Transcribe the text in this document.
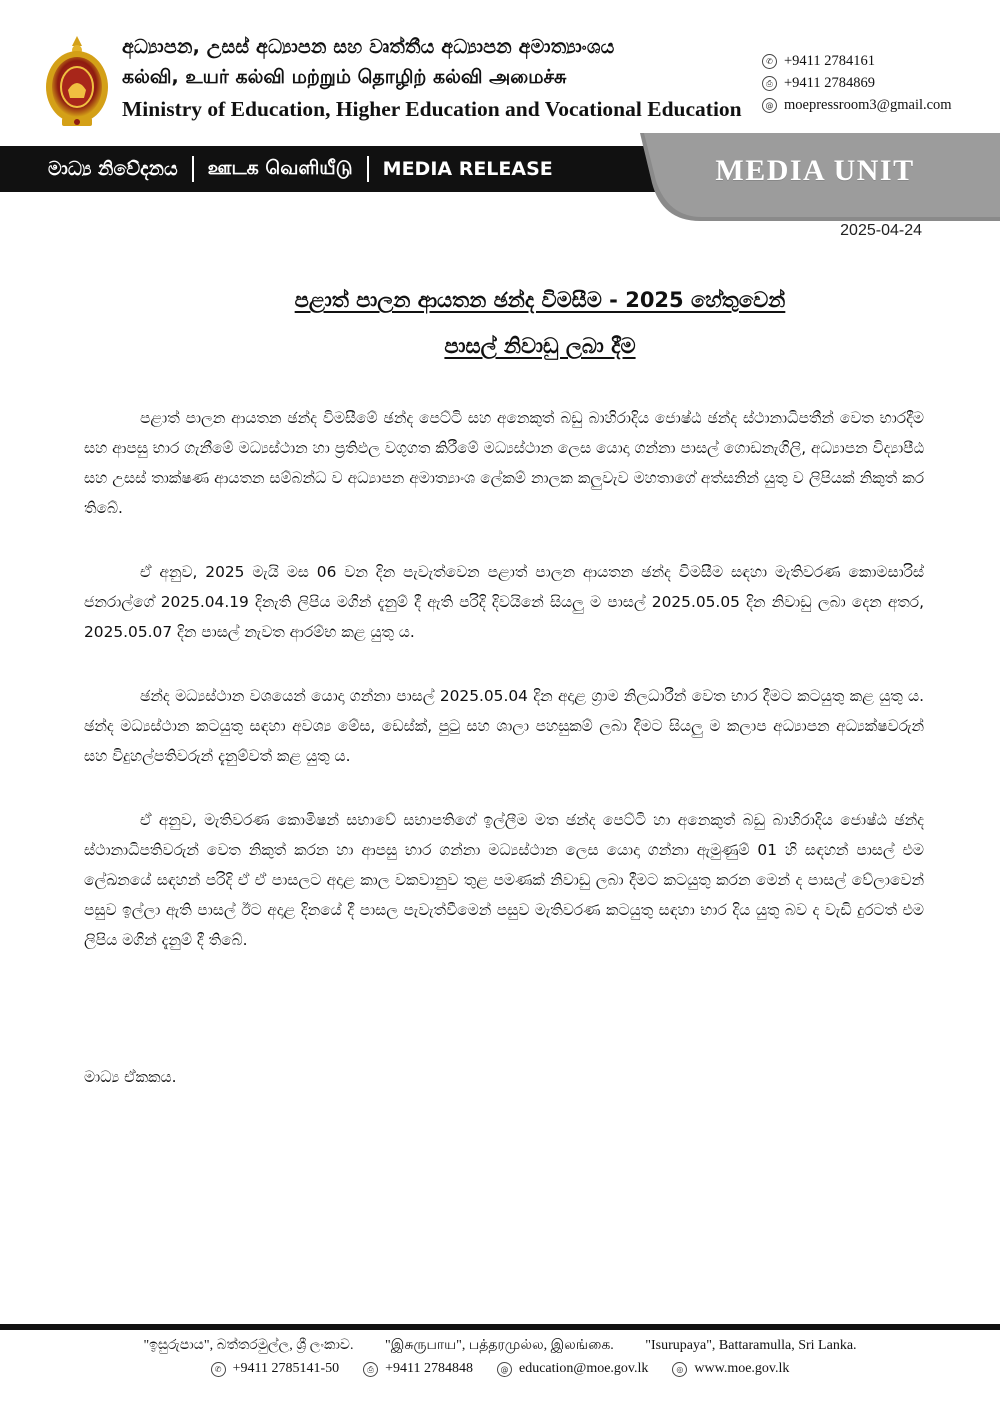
අධ්‍යාපන, උසස් අධ්‍යාපන සහ වෘත්තීය අධ්‍යාපන අමාත්‍යාංශය
கல்வி, உயர் கல்வி மற்றும் தொழிற் கல்வி அமைச்சு
Ministry of Education, Higher Education and Vocational Education
✆ +9411 2784161
⎙ +9411 2784869
@ moepressroom3@gmail.com
මාධ්‍ය නිවේදනය ஊடக வெளியீடு MEDIA RELEASE	MEDIA UNIT
2025-04-24
පළාත් පාලන ආයතන ඡන්ද විමසීම - 2025 හේතුවෙන්
පාසල් නිවාඩු ලබා දීම

පළාත් පාලන ආයතන ඡන්ද විමසීමේ ඡන්ද පෙට්ටි සහ අනෙකුත් බඩු බාහිරාදිය ජොෂ්ඨ ඡන්ද ස්ථානාධිපතීන් වෙත භාරදීම සහ ආපසු භාර ගැනීමේ මධ්‍යස්ථාන හා ප්‍රතිඵල වගුගත කිරීමේ මධ්‍යස්ථාන ලෙස යොදා ගන්නා පාසල් ගොඩනැගිලි, අධ්‍යාපන විද්‍යාපීඨ සහ උසස් තාක්ෂණ ආයතන සම්බන්ධ ව අධ්‍යාපන අමාත්‍යාංශ ලේකම් නාලක කලුවැව මහතාගේ අත්සනින් යුතු ව ලිපියක් නිකුත් කර තිබේ.

ඒ අනුව, 2025 මැයි මස 06 වන දින පැවැත්වෙන පළාත් පාලන ආයතන ඡන්ද විමසීම සඳහා මැතිවරණ කොමසාරිස් ජනරාල්ගේ 2025.04.19 දිනැති ලිපිය මගින් දැනුම් දී ඇති පරිදි දිවයිනේ සියලු ම පාසල් 2025.05.05 දින නිවාඩු ලබා දෙන අතර, 2025.05.07 දින පාසල් නැවත ආරම්භ කළ යුතු ය.

ඡන්ද මධ්‍යස්ථාන වශයෙන් යොදා ගන්නා පාසල් 2025.05.04 දින අදාළ ග්‍රාම නිලධාරීන් වෙත භාර දීමට කටයුතු කළ යුතු ය. ඡන්ද මධ්‍යස්ථාන කටයුතු සඳහා අවශ්‍ය මේස, ඩෙස්ක්, පුටු සහ ශාලා පහසුකම් ලබා දීමට සියලු ම කලාප අධ්‍යාපන අධ්‍යක්ෂවරුන් සහ විදුහල්පතිවරුන් දැනුම්වත් කළ යුතු ය.

ඒ අනුව, මැතිවරණ කොමිෂන් සභාවේ සභාපතිගේ ඉල්ලීම මත ඡන්ද පෙට්ටි හා අනෙකුත් බඩු බාහිරාදිය ජොෂ්ඨ ඡන්ද ස්ථානාධිපතිවරුන් වෙත නිකුත් කරන හා ආපසු භාර ගන්නා මධ්‍යස්ථාන ලෙස යොදා ගන්නා ඇමුණුම් 01 හි සඳහන් පාසල් එම ලේඛනයේ සඳහන් පරිදි ඒ ඒ පාසලට අදාළ කාල වකවානුව තුළ පමණක් නිවාඩු ලබා දීමට කටයුතු කරන මෙන් ද පාසල් වේලාවෙන් පසුව ඉල්ලා ඇති පාසල් ඊට අදාළ දිනයේ දී පාසල පැවැත්වීමෙන් පසුව මැතිවරණ කටයුතු සඳහා භාර දිය යුතු බව ද වැඩි දුරටත් එම ලිපිය මගින් දැනුම් දී තිබේ.

මාධ්‍ය ඒකකය.
"ඉසුරුපාය", බත්තරමුල්ල, ශ්‍රී ලංකාව. "இசுருபாய", பத்தரமுல்ல, இலங்கை. "Isurupaya", Battaramulla, Sri Lanka.
✆ +9411 2785141-50	⎙ +9411 2784848	@ education@moe.gov.lk	◎ www.moe.gov.lk
